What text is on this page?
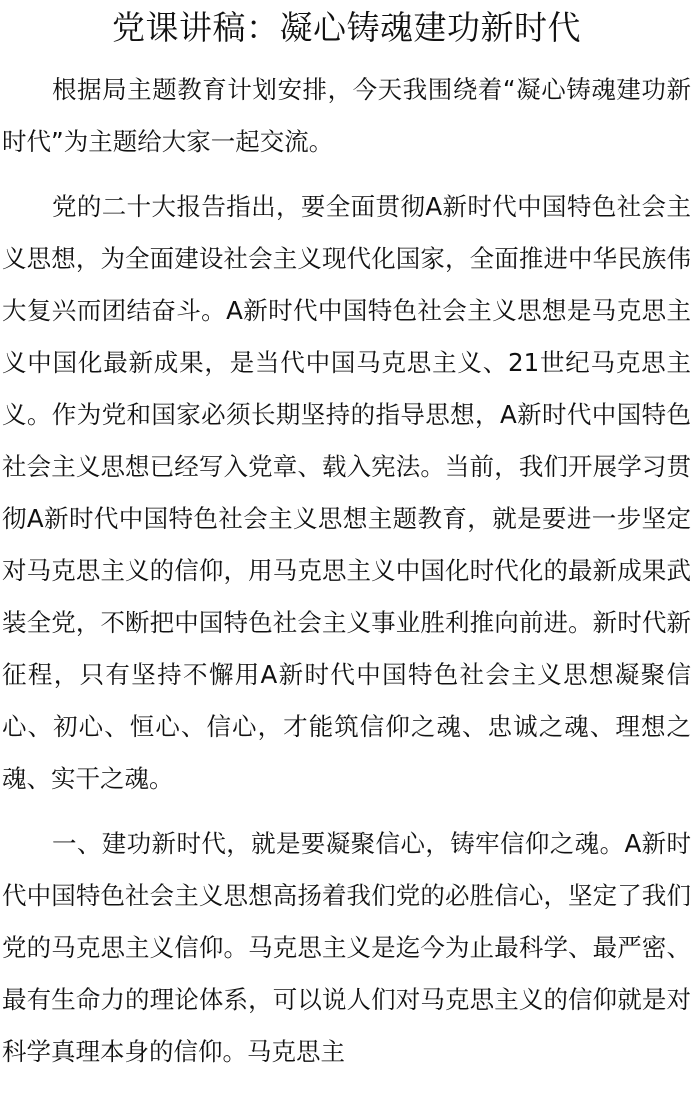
党课讲稿：凝心铸魂建功新时代

根据局主题教育计划安排，今天我围绕着“凝心铸魂建功新时代”为主题给大家一起交流。

党的二十大报告指出，要全面贯彻A新时代中国特色社会主义思想，为全面建设社会主义现代化国家，全面推进中华民族伟大复兴而团结奋斗。A新时代中国特色社会主义思想是马克思主义中国化最新成果，是当代中国马克思主义、21世纪马克思主义。作为党和国家必须长期坚持的指导思想，A新时代中国特色社会主义思想已经写入党章、载入宪法。当前，我们开展学习贯彻A新时代中国特色社会主义思想主题教育，就是要进一步坚定对马克思主义的信仰，用马克思主义中国化时代化的最新成果武装全党，不断把中国特色社会主义事业胜利推向前进。新时代新征程，只有坚持不懈用A新时代中国特色社会主义思想凝聚信心、初心、恒心、信心，才能筑信仰之魂、忠诚之魂、理想之魂、实干之魂。

一、建功新时代，就是要凝聚信心，铸牢信仰之魂。A新时代中国特色社会主义思想高扬着我们党的必胜信心，坚定了我们党的马克思主义信仰。马克思主义是迄今为止最科学、最严密、最有生命力的理论体系，可以说人们对马克思主义的信仰就是对科学真理本身的信仰。马克思主
